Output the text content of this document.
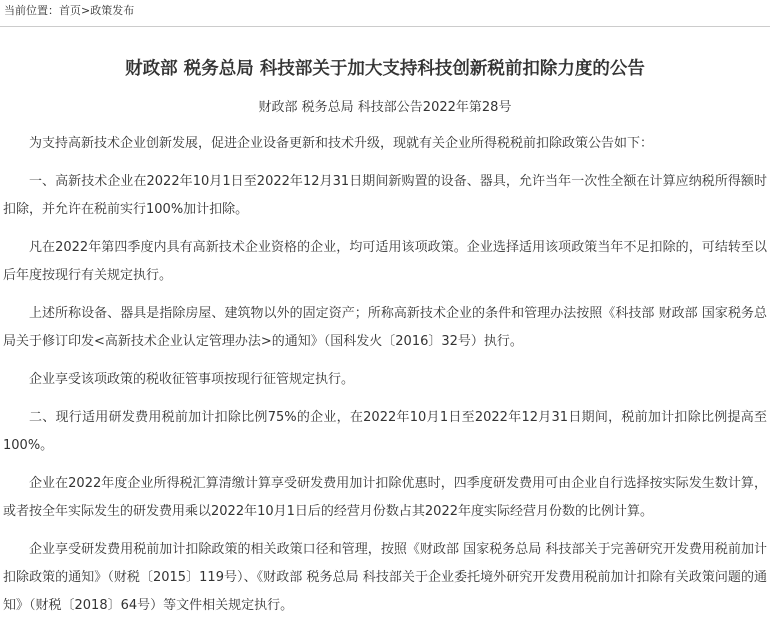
当前位置：首页>政策发布
财政部 税务总局 科技部关于加大支持科技创新税前扣除力度的公告
财政部 税务总局 科技部公告2022年第28号

为支持高新技术企业创新发展，促进企业设备更新和技术升级，现就有关企业所得税税前扣除政策公告如下：

一、高新技术企业在2022年10月1日至2022年12月31日期间新购置的设备、器具，允许当年一次性全额在计算应纳税所得额时扣除，并允许在税前实行100%加计扣除。

凡在2022年第四季度内具有高新技术企业资格的企业，均可适用该项政策。企业选择适用该项政策当年不足扣除的，可结转至以后年度按现行有关规定执行。

上述所称设备、器具是指除房屋、建筑物以外的固定资产；所称高新技术企业的条件和管理办法按照《科技部 财政部 国家税务总局关于修订印发<高新技术企业认定管理办法>的通知》（国科发火〔2016〕32号）执行。

企业享受该项政策的税收征管事项按现行征管规定执行。

二、现行适用研发费用税前加计扣除比例75%的企业，在2022年10月1日至2022年12月31日期间，税前加计扣除比例提高至100%。

企业在2022年度企业所得税汇算清缴计算享受研发费用加计扣除优惠时，四季度研发费用可由企业自行选择按实际发生数计算，或者按全年实际发生的研发费用乘以2022年10月1日后的经营月份数占其2022年度实际经营月份数的比例计算。

企业享受研发费用税前加计扣除政策的相关政策口径和管理，按照《财政部 国家税务总局 科技部关于完善研究开发费用税前加计扣除政策的通知》（财税〔2015〕119号）、《财政部 税务总局 科技部关于企业委托境外研究开发费用税前加计扣除有关政策问题的通知》（财税〔2018〕64号）等文件相关规定执行。
